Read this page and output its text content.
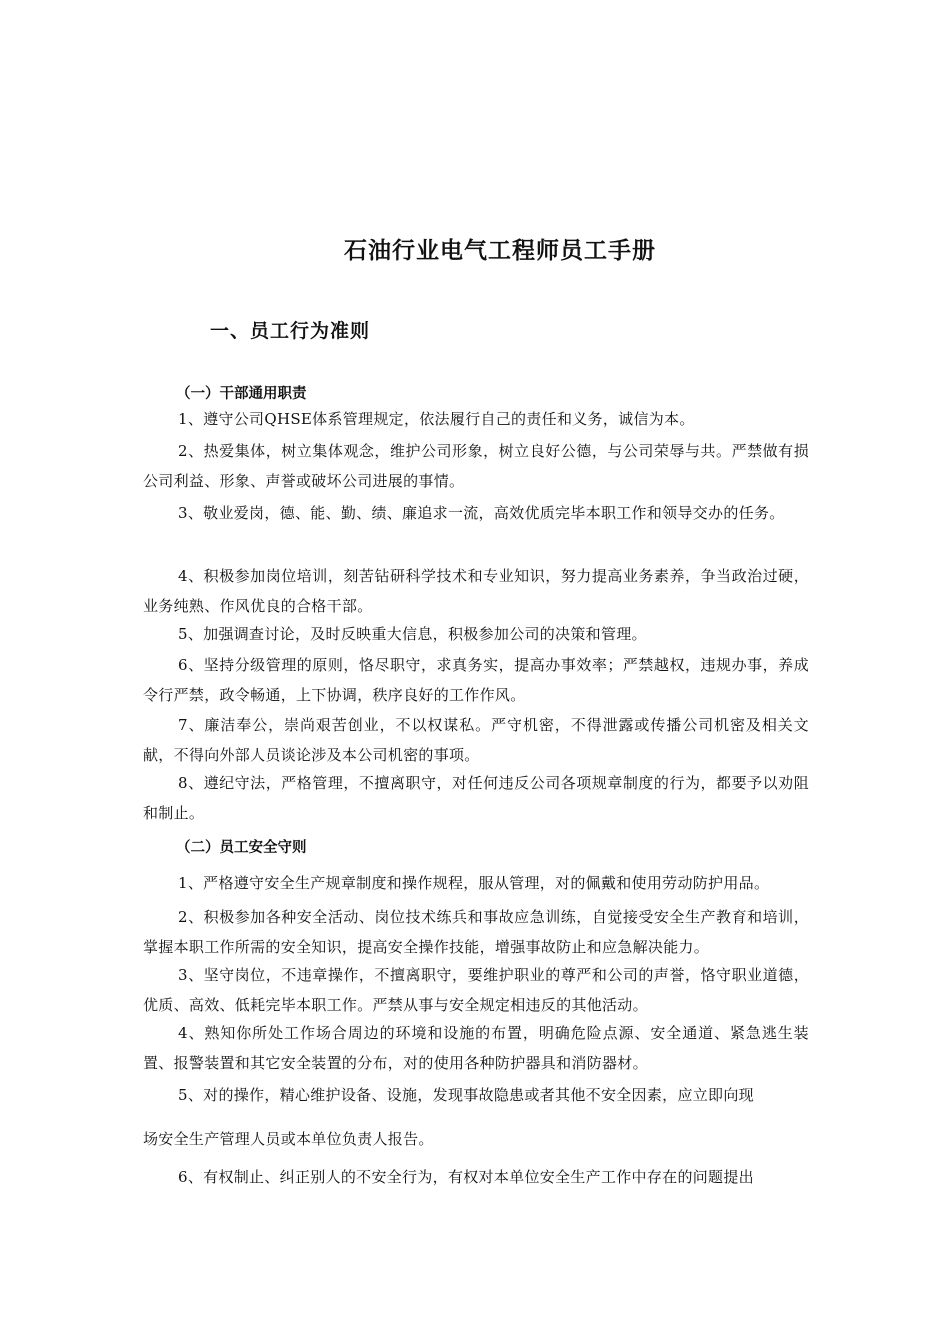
石油行业电气工程师员工手册
一、员工行为准则
（一）干部通用职责

1、遵守公司QHSE体系管理规定，依法履行自己的责任和义务，诚信为本。

2、热爱集体，树立集体观念，维护公司形象，树立良好公德，与公司荣辱与共。严禁做有损公司利益、形象、声誉或破坏公司进展的事情。

3、敬业爱岗，德、能、勤、绩、廉追求一流，高效优质完毕本职工作和领导交办的任务。

4、积极参加岗位培训，刻苦钻研科学技术和专业知识，努力提高业务素养，争当政治过硬，业务纯熟、作风优良的合格干部。

5、加强调查讨论，及时反映重大信息，积极参加公司的决策和管理。

6、坚持分级管理的原则，恪尽职守，求真务实，提高办事效率；严禁越权，违规办事，养成令行严禁，政令畅通，上下协调，秩序良好的工作作风。

7、廉洁奉公，崇尚艰苦创业，不以权谋私。严守机密，不得泄露或传播公司机密及相关文献，不得向外部人员谈论涉及本公司机密的事项。

8、遵纪守法，严格管理，不擅离职守，对任何违反公司各项规章制度的行为，都要予以劝阻和制止。

（二）员工安全守则

1、严格遵守安全生产规章制度和操作规程，服从管理，对的佩戴和使用劳动防护用品。

2、积极参加各种安全活动、岗位技术练兵和事故应急训练，自觉接受安全生产教育和培训，掌握本职工作所需的安全知识，提高安全操作技能，增强事故防止和应急解决能力。

3、坚守岗位，不违章操作，不擅离职守，要维护职业的尊严和公司的声誉，恪守职业道德，优质、高效、低耗完毕本职工作。严禁从事与安全规定相违反的其他活动。

4、熟知你所处工作场合周边的环境和设施的布置，明确危险点源、安全通道、紧急逃生装置、报警装置和其它安全装置的分布，对的使用各种防护器具和消防器材。

5、对的操作，精心维护设备、设施，发现事故隐患或者其他不安全因素，应立即向现

场安全生产管理人员或本单位负责人报告。

6、有权制止、纠正别人的不安全行为，有权对本单位安全生产工作中存在的问题提出
